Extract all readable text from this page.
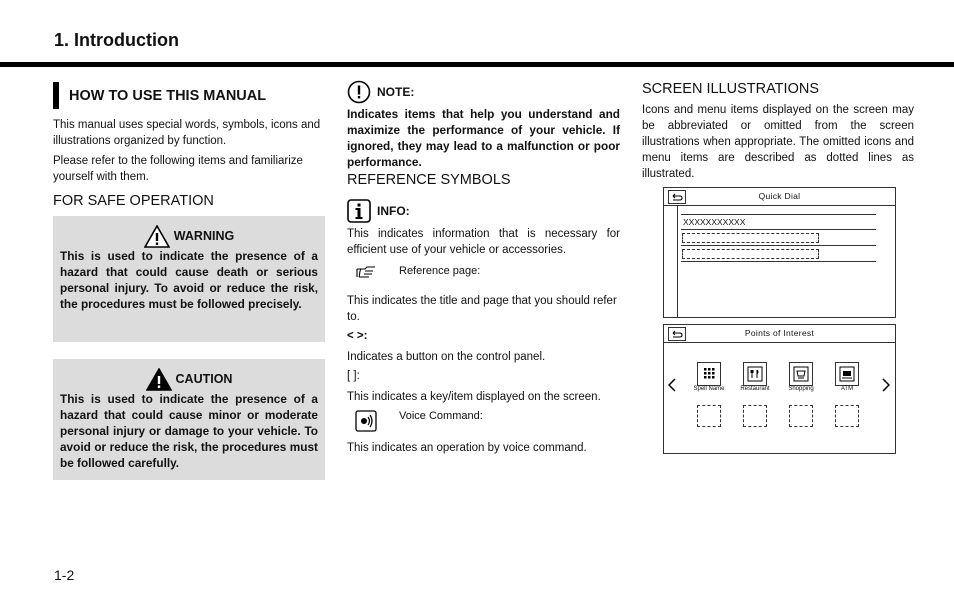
1. Introduction
HOW TO USE THIS MANUAL

This manual uses special words, symbols, icons and illustrations organized by function.

Please refer to the following items and familiarize yourself with them.

FOR SAFE OPERATION
WARNING
This is used to indicate the presence of a hazard that could cause death or serious personal injury. To avoid or reduce the risk, the procedures must be followed precisely.
CAUTION
This is used to indicate the presence of a hazard that could cause minor or moderate personal injury or damage to your vehicle. To avoid or reduce the risk, the procedures must be followed carefully.
NOTE:
Indicates items that help you understand and maximize the performance of your vehicle. If ignored, they may lead to a malfunction or poor performance.
REFERENCE SYMBOLS
INFO:

This indicates information that is necessary for efficient use of your vehicle or accessories.

Reference page:

This indicates the title and page that you should refer to.

< >:

Indicates a button on the control panel.

[ ]:

This indicates a key/item displayed on the screen.

Voice Command:

This indicates an operation by voice command.

SCREEN ILLUSTRATIONS

Icons and menu items displayed on the screen may be abbreviated or omitted from the screen illustrations when appropriate. The omitted icons and menu items are described as dotted lines as illustrated.

Quick Dial
XXXXXXXXXXX
Points of Interest
Spell Name	Restaurant	Shopping	ATM
1-2
